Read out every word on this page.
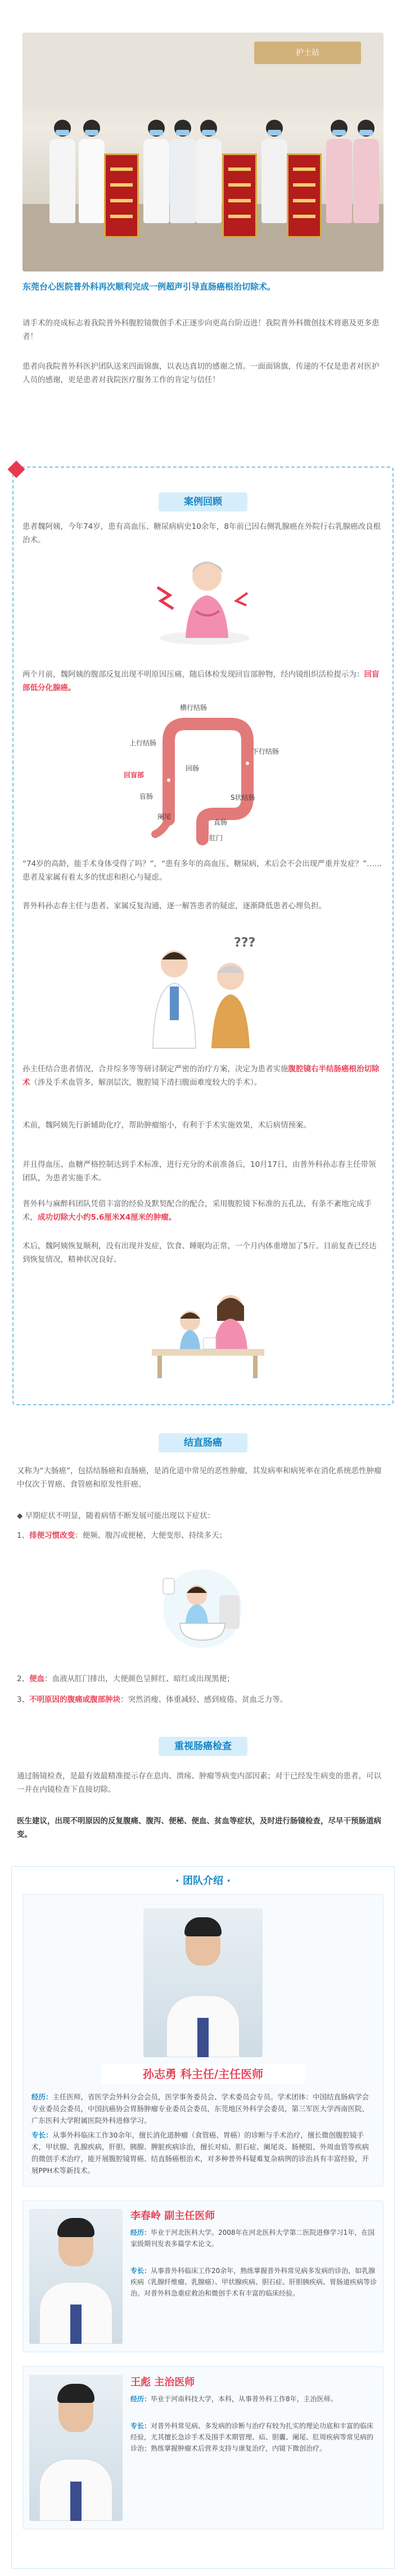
护士站
东莞台心医院普外科再次顺利完成一例超声引导直肠癌根治切除术。
请手术的亮成标志着我院普外科腹腔镜微创手术正逐步向更高台阶迈进！我院普外科微创技术将惠及更多患者！
患者向我院普外科医护团队送来四面锦旗，以表达真切的感谢之情。一面面锦旗，传递的不仅是患者对医护人员的感谢，更是患者对我院医疗服务工作的肯定与信任！
案例回顾
患者魏阿姨，今年74岁，患有高血压、糖尿病病史10余年，8年前已因右侧乳腺癌在外院行右乳腺癌改良根治术。
两个月前，魏阿姨的腹部反复出现不明原因压痛，随后体检发现回盲部肿物，经内镜组织活检提示为：回盲部低分化腺癌。
横行结肠
上行结肠
下行结肠
回盲部
回肠
盲肠	S状结肠
阑尾
直肠
肛门
“74岁的高龄，能手术身体受得了吗？”，“患有多年的高血压、糖尿病，术后会不会出现严重并发症？”……患者及家属有着太多的忧虑和担心与疑虑。
普外科孙志春主任与患者、家属反复沟通，逐一解答患者的疑虑，逐渐降低患者心理负担。
???
孙主任结合患者情况，合并综多等等研讨制定严密的治疗方案，决定为患者实施腹腔镜右半结肠癌根治切除术（涉及手术血管多，解剖层次，腹腔镜下清扫腹面难度较大的手术）。
术前，魏阿姨先行新辅助化疗，帮助肿瘤缩小，有利于手术实施效果，术后病情预案。
并且得血压、血糖严格控制达到手术标准，进行充分的术前准备后，10月17日，由普外科孙志春主任带领团队，为患者实施手术。
普外科与麻醉科团队凭借丰富的经验及默契配合的配合，采用腹腔镜下标准的五孔法，有条不紊地完成手术，成功切除大小约5.6厘米X4厘米的肿瘤。
术后，魏阿姨恢复顺利，没有出现并发症，饮食、睡眠均正常，一个月内体重增加了5斤。目前复查已经达到恢复情况，精神状况良好。
结直肠癌
又称为“大肠癌”，包括结肠癌和直肠癌，是消化道中常见的恶性肿瘤，其发病率和病死率在消化系统恶性肿瘤中仅次于胃癌、食管癌和原发性肝癌。
◆ 早期症状不明显，随着病情不断发展可能出现以下症状：
1、排便习惯改变：便频、腹泻或便秘，大便变形、持续多天；
2、便血：血液从肛门排出，大便颜色呈鲜红、暗红或出现黑便；
3、不明原因的腹痛或腹部肿块：突然消瘦、体重减轻、感到疲倦、贫血乏力等。
重视肠癌检查
通过肠镜检查，是最有效最精准提示存在息肉、溃疡、肿瘤等病变内部因素；对于已经发生病变的患者，可以一并在内镜检查下直接切除。
医生建议，出现不明原因的反复腹痛、腹泻、便秘、便血、贫血等症状，及时进行肠镜检查，尽早干预肠道病变。
· 团队介绍 ·
孙志勇 科主任/主任医师
经历：主任医师，省医学会外科分会会员，医学事务委员会、学术委员会专员。学术团体：中国结直肠病学会专业委员会委员，中国抗癌协会胃肠肿瘤专业委员会委员，东莞地区外科学会委员，第三军医大学西南医院、广东医科大学附属医院外科进修学习。
专长：从事外科临床工作30余年，擅长消化道肿瘤（食管癌、胃癌）的诊断与手术治疗，擅长微创腹腔镜手术，甲状腺、乳腺疾病，肝胆、胰腺、脾脏疾病诊治，擅长对疝、胆石症、阑尾炎、肠梗阻、外周血管等疾病的微创手术治疗，能开展腹腔镜胃癌、结直肠癌根治术，对多种普外科疑难复杂病例的诊治具有丰富经验，开展PPH术等新技术。
李春岭 副主任医师
经历：毕业于河北医科大学。2008年在河北医科大学第二医院进修学习1年，在国家级期刊发表多篇学术论文。
专长：从事普外科临床工作20余年，熟练掌握普外科常见病多发病的诊治，如乳腺疾病（乳腺纤维瘤、乳腺癌）、甲状腺疾病、胆石症、肝胆胰疾病、胃肠道疾病等诊治。对普外科急重症救治和微创手术有丰富的临床经验。
王彪 主治医师
经历：毕业于河南科技大学，本科，从事普外科工作8年，主治医师。
专长：对普外科常见病、多发病的诊断与治疗有较为扎实的理论功底和丰富的临床经验，尤其擅长急诊手术及围手术期管理、疝、胆囊、阑尾、肛周疾病等常见病的诊治；熟练掌握肿瘤术后营养支持与康复治疗，内镜下微创治疗。
